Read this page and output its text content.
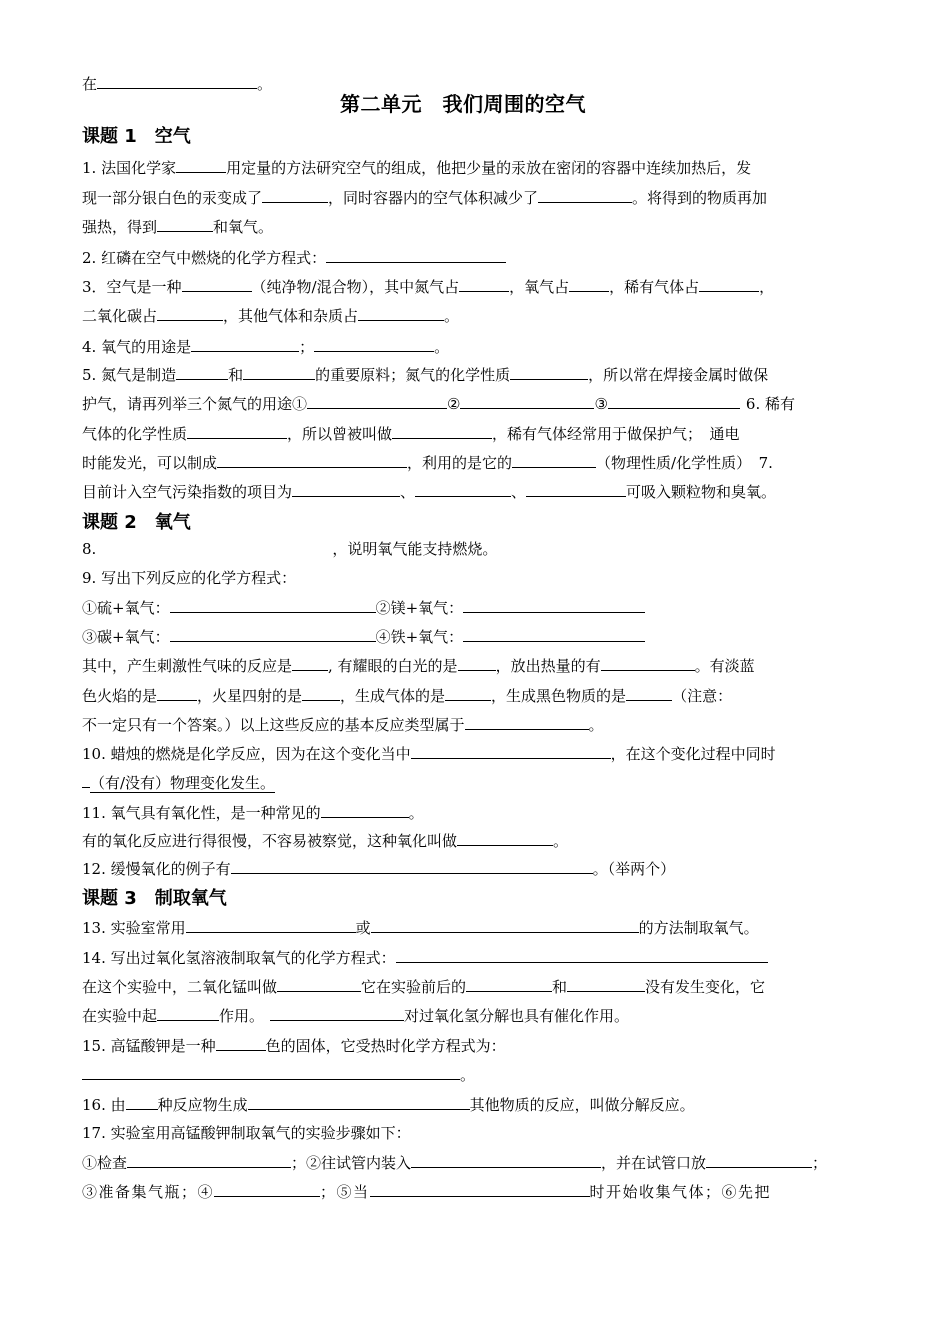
在	。
第二单元　我们周围的空气
课题 1　空气
1. 法国化学家	用定量的方法研究空气的组成，他把少量的汞放在密闭的容器中连续加热后，发
现一部分银白色的汞变成了	，同时容器内的空气体积减少了	。将得到的物质再加
强热，得到	和氧气。
2. 红磷在空气中燃烧的化学方程式：
3．空气是一种	（纯净物/混合物），其中氮气占	，氧气占	，稀有气体占	，
二氧化碳占	，其他气体和杂质占	。
4. 氧气的用途是	；	。
5. 氮气是制造	和	的重要原料；氮气的化学性质	，所以常在焊接金属时做保
护气，请再列举三个氮气的用途①	②	③	6. 稀有
气体的化学性质	，所以曾被叫做	，稀有气体经常用于做保护气；　通电
时能发光，可以制成	，利用的是它的	（物理性质/化学性质）　7.
目前计入空气污染指数的项目为	、	、	可吸入颗粒物和臭氧。
课题 2　氧气
8.	，说明氧气能支持燃烧。
9. 写出下列反应的化学方程式：
①硫+氧气：	②镁+氧气：
③碳+氧气：	④铁+氧气：
其中，产生刺激性气味的反应是 , 有耀眼的白光的是	，放出热量的有	。有淡蓝
色火焰的是	，火星四射的是	，生成气体的是	，生成黑色物质的是	（注意：
不一定只有一个答案。）以上这些反应的基本反应类型属于	。
10. 蜡烛的燃烧是化学反应，因为在这个变化当中	，在这个变化过程中同时
（有/没有）物理变化发生。
11. 氧气具有氧化性，是一种常见的	。
有的氧化反应进行得很慢，不容易被察觉，这种氧化叫做	。
12. 缓慢氧化的例子有	。（举两个）
课题 3　制取氧气
13. 实验室常用	或	的方法制取氧气。
14. 写出过氧化氢溶液制取氧气的化学方程式：
在这个实验中，二氧化锰叫做	它在实验前后的	和	没有发生变化，它
在实验中起	作用。	对过氧化氢分解也具有催化作用。
15. 高锰酸钾是一种	色的固体，它受热时化学方程式为：
。
16. 由 种反应物生成	其他物质的反应，叫做分解反应。
17. 实验室用高锰酸钾制取氧气的实验步骤如下：
①检查	；②往试管内装入	，并在试管口放	；
③准备集气瓶；④	；⑤当	时开始收集气体；⑥先把
